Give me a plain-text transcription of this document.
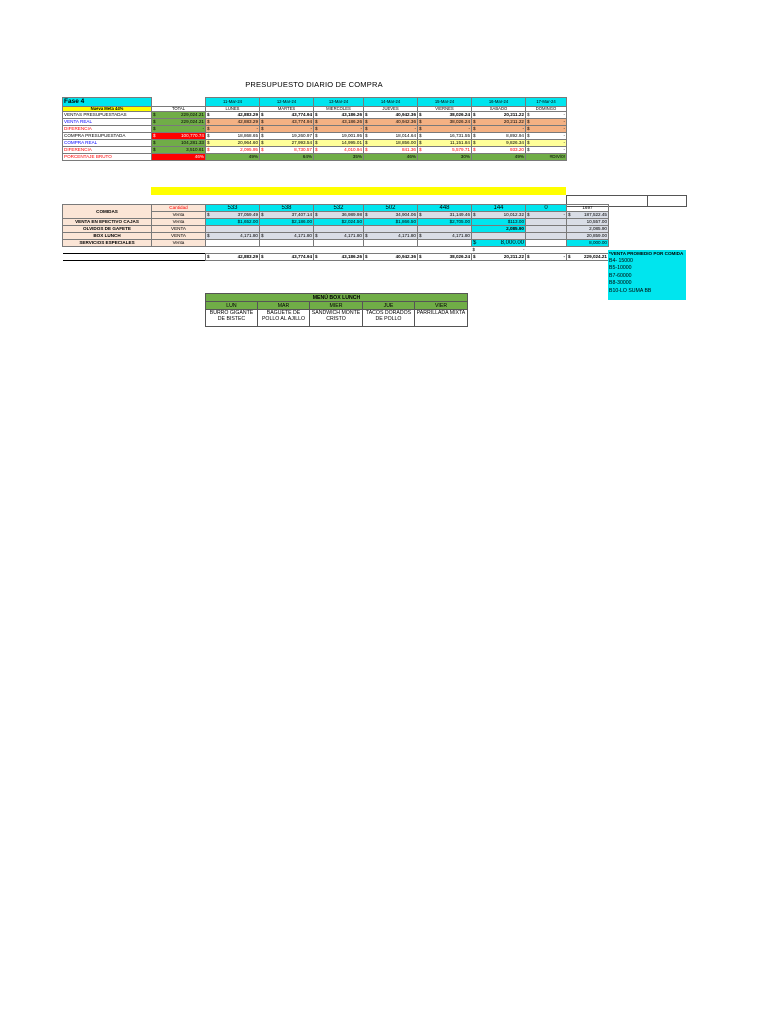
PRESUPUESTO DIARIO DE COMPRA
Fase 4		11-Mar-24	12-Mar-24	13-Mar-24	14-Mar-24	15-Mar-24	16-Mar-24	17-Mar-24
Nueva Meta 44%	TOTAL	LUNES	MARTES	MIERCOLES	JUEVES	VIERNES	SABADO	DOMINGO
VENTAS PRESUPUESTADAS	$ 229,024.21	$ 42,883.29	$ 43,774.94	$ 43,186.26	$ 40,942.36	$ 38,026.24	$ 20,211.22	$ -
VENTA REAL	$ 229,024.21	$ 42,883.29	$ 43,774.94	$ 43,186.26	$ 40,942.36	$ 38,026.24	$ 20,211.22	$ -
DIFERENCIA	$ -	$ -	$ -	$ -	$ -	$ -	$ -	$ -
COMPRA PRESUPUESTADA	$ 100,770.74	$ 18,868.65	$ 19,260.97	$ 19,001.95	$ 18,014.64	$ 16,731.55	$ 8,892.94	$ -
COMPRA REAL	$ 104,281.33	$ 20,964.60	$ 27,993.54	$ 14,995.01	$ 18,856.00	$ 11,151.84	$ 9,826.34	$ -
DIFERENCIA	$ 3,510.61	$ 2,095.95	$ 8,730.57	$ 4,010.94	$ 841.36	$ 5,579.71	$ 933.20	$ -
PORCENTAJE BRUTO	46%	49%	64%	35%	46%	30%	49%	#DIV/0!
COMIDAS	Cantidad	533	538	532	502	448	144	0	1697
	Venta	$ 37,059.49	$ 37,407.14	$ 36,989.98	$ 34,904.06	$ 31,149.46	$ 10,012.32	$ -	$ 187,522.45
VENTA EN EFECTIVO CAJAS	Venta	$1,652.00	$2,186.00	$2,024.50	$1,866.50	$2,705.00	$113.00		10,557.00
OLVIDOS DE GAFETE	VENTA						2,085.90		2,085.90
BOX LUNCH	VENTA	$ 4,171.80	$ 4,171.80	$ 4,171.80	$ 4,171.80	$ 4,171.80			20,859.00
SERVICIOS ESPECIALES	Venta						$ 8,000.00		8,000.00

							$ -		

		$ 42,883.29	$ 43,774.94	$ 43,186.26	$ 40,942.36	$ 38,026.24	$ 20,211.22	$ -	$ 229,024.21
*VENTA PROMEDIO POR COMIDA
B4- 15000
B5-10000
B7-60000
B8-30000
B10-LO SUMA BB
MENÚ BOX LUNCH				
LUN	MAR	MIER	JUE	VIER
BURRO GIGANTE DE BISTEC	BAGUETE DE POLLO AL AJILLO	SANDWICH MONTE CRISTO	TACOS DORADOS DE POLLO	PARRILLADA MIXTA
